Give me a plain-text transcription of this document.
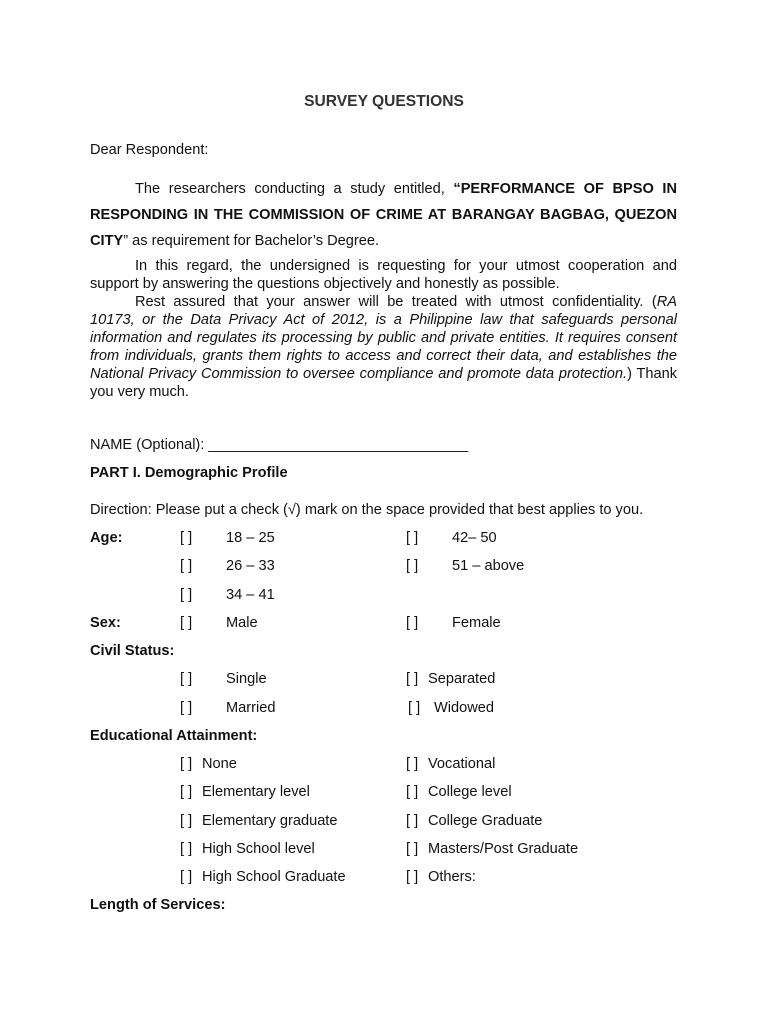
SURVEY QUESTIONS
Dear Respondent:
The researchers conducting a study entitled, “PERFORMANCE OF BPSO IN RESPONDING IN THE COMMISSION OF CRIME AT BARANGAY BAGBAG, QUEZON CITY” as requirement for Bachelor’s Degree.
In this regard, the undersigned is requesting for your utmost cooperation and support by answering the questions objectively and honestly as possible.
Rest assured that your answer will be treated with utmost confidentiality. (RA 10173, or the Data Privacy Act of 2012, is a Philippine law that safeguards personal information and regulates its processing by public and private entities. It requires consent from individuals, grants them rights to access and correct their data, and establishes the National Privacy Commission to oversee compliance and promote data protection.) Thank you very much.
NAME (Optional): ________________________________
PART I. Demographic Profile
Direction: Please put a check (√) mark on the space provided that best applies to you.
Age:	[ ] 18 – 25	[ ] 42– 50
[ ] 26 – 33	[ ] 51 – above
[ ] 34 – 41
Sex:	[ ] Male	[ ] Female
Civil Status:
[ ] Single	[ ] Separated
[ ] Married	[ ] Widowed
Educational Attainment:
[ ] None	[ ] Vocational
[ ] Elementary level	[ ] College level
[ ] Elementary graduate	[ ] College Graduate
[ ] High School level	[ ] Masters/Post Graduate
[ ] High School Graduate	[ ] Others:
Length of Services:
